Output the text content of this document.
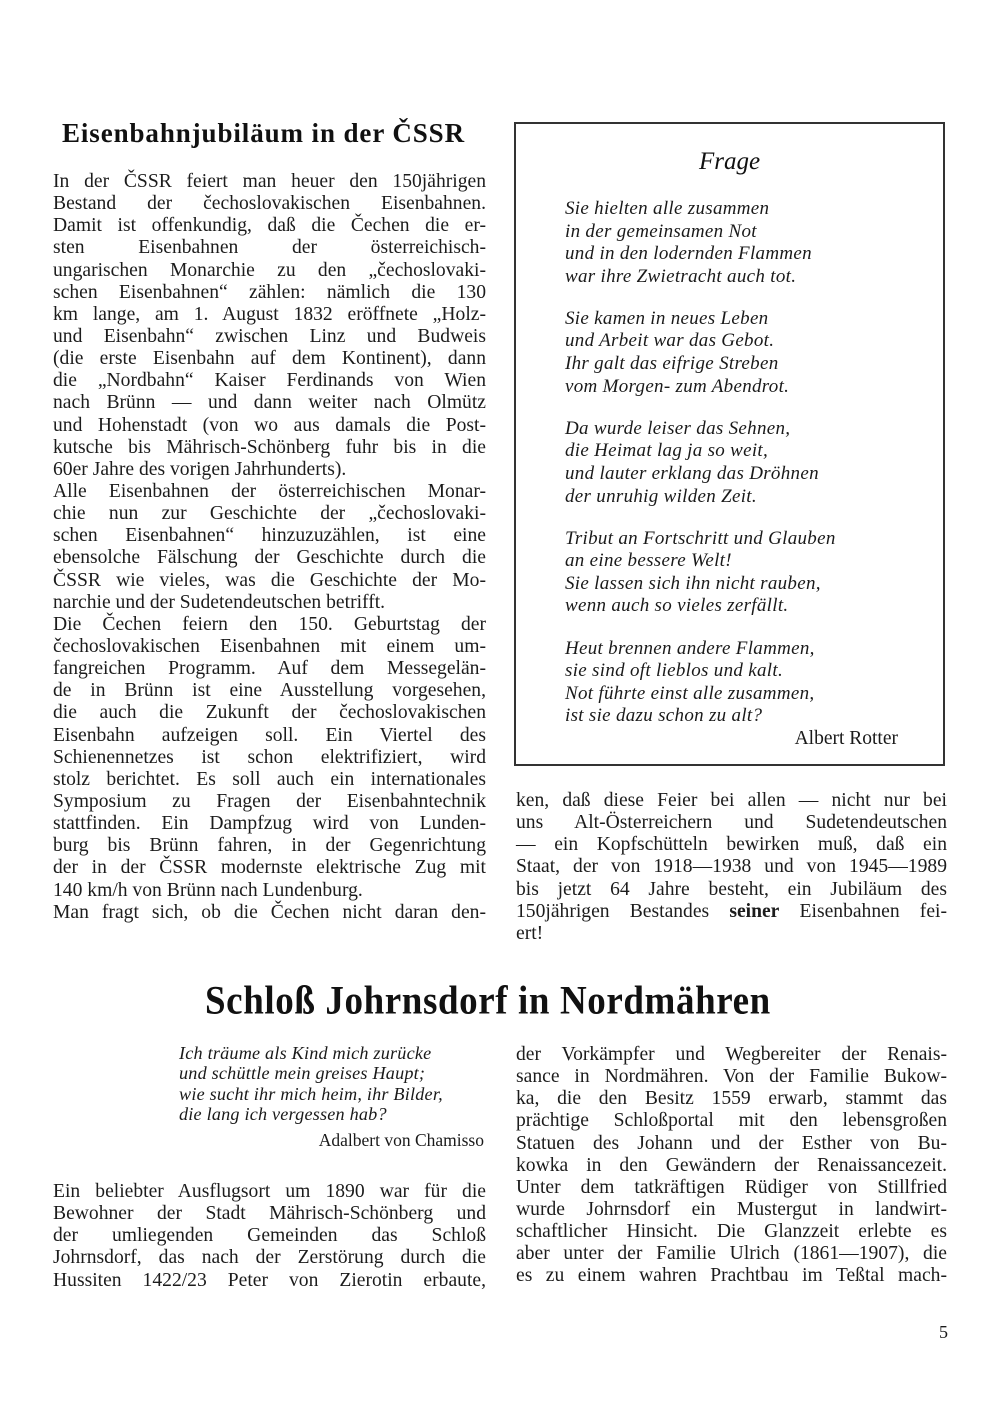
Eisenbahnjubiläum in der ČSSR
In der ČSSR feiert man heuer den 150jährigen
Bestand der čechoslovakischen Eisenbahnen.
Damit ist offenkundig, daß die Čechen die er-
sten Eisenbahnen der österreichisch-
ungarischen Monarchie zu den „čechoslovaki-
schen Eisenbahnen“ zählen: nämlich die 130
km lange, am 1. August 1832 eröffnete „Holz-
und Eisenbahn“ zwischen Linz und Budweis
(die erste Eisenbahn auf dem Kontinent), dann
die „Nordbahn“ Kaiser Ferdinands von Wien
nach Brünn — und dann weiter nach Olmütz
und Hohenstadt (von wo aus damals die Post-
kutsche bis Mährisch-Schönberg fuhr bis in die
60er Jahre des vorigen Jahrhunderts).
Alle Eisenbahnen der österreichischen Monar-
chie nun zur Geschichte der „čechoslovaki-
schen Eisenbahnen“ hinzuzuzählen, ist eine
ebensolche Fälschung der Geschichte durch die
ČSSR wie vieles, was die Geschichte der Mo-
narchie und der Sudetendeutschen betrifft.
Die Čechen feiern den 150. Geburtstag der
čechoslovakischen Eisenbahnen mit einem um-
fangreichen Programm. Auf dem Messegelän-
de in Brünn ist eine Ausstellung vorgesehen,
die auch die Zukunft der čechoslovakischen
Eisenbahn aufzeigen soll. Ein Viertel des
Schienennetzes ist schon elektrifiziert, wird
stolz berichtet. Es soll auch ein internationales
Symposium zu Fragen der Eisenbahntechnik
stattfinden. Ein Dampfzug wird von Lunden-
burg bis Brünn fahren, in der Gegenrichtung
der in der ČSSR modernste elektrische Zug mit
140 km/h von Brünn nach Lundenburg.
Man fragt sich, ob die Čechen nicht daran den-
Frage
Sie hielten alle zusammen
in der gemeinsamen Not
und in den lodernden Flammen
war ihre Zwietracht auch tot.
Sie kamen in neues Leben
und Arbeit war das Gebot.
Ihr galt das eifrige Streben
vom Morgen- zum Abendrot.
Da wurde leiser das Sehnen,
die Heimat lag ja so weit,
und lauter erklang das Dröhnen
der unruhig wilden Zeit.
Tribut an Fortschritt und Glauben
an eine bessere Welt!
Sie lassen sich ihn nicht rauben,
wenn auch so vieles zerfällt.
Heut brennen andere Flammen,
sie sind oft lieblos und kalt.
Not führte einst alle zusammen,
ist sie dazu schon zu alt?
Albert Rotter
ken, daß diese Feier bei allen — nicht nur bei
uns Alt-Österreichern und Sudetendeutschen
— ein Kopfschütteln bewirken muß, daß ein
Staat, der von 1918—1938 und von 1945—1989
bis jetzt 64 Jahre besteht, ein Jubiläum des
150jährigen Bestandes seiner Eisenbahnen fei-
ert!
Schloß Johrnsdorf in Nordmähren
Ich träume als Kind mich zurücke
und schüttle mein greises Haupt;
wie sucht ihr mich heim, ihr Bilder,
die lang ich vergessen hab?
Adalbert von Chamisso
Ein beliebter Ausflugsort um 1890 war für die
Bewohner der Stadt Mährisch-Schönberg und
der umliegenden Gemeinden das Schloß
Johrnsdorf, das nach der Zerstörung durch die
Hussiten 1422/23 Peter von Zierotin erbaute,
der Vorkämpfer und Wegbereiter der Renais-
sance in Nordmähren. Von der Familie Bukow-
ka, die den Besitz 1559 erwarb, stammt das
prächtige Schloßportal mit den lebensgroßen
Statuen des Johann und der Esther von Bu-
kowka in den Gewändern der Renaissancezeit.
Unter dem tatkräftigen Rüdiger von Stillfried
wurde Johrnsdorf ein Mustergut in landwirt-
schaftlicher Hinsicht. Die Glanzzeit erlebte es
aber unter der Familie Ulrich (1861—1907), die
es zu einem wahren Prachtbau im Teßtal mach-
5
